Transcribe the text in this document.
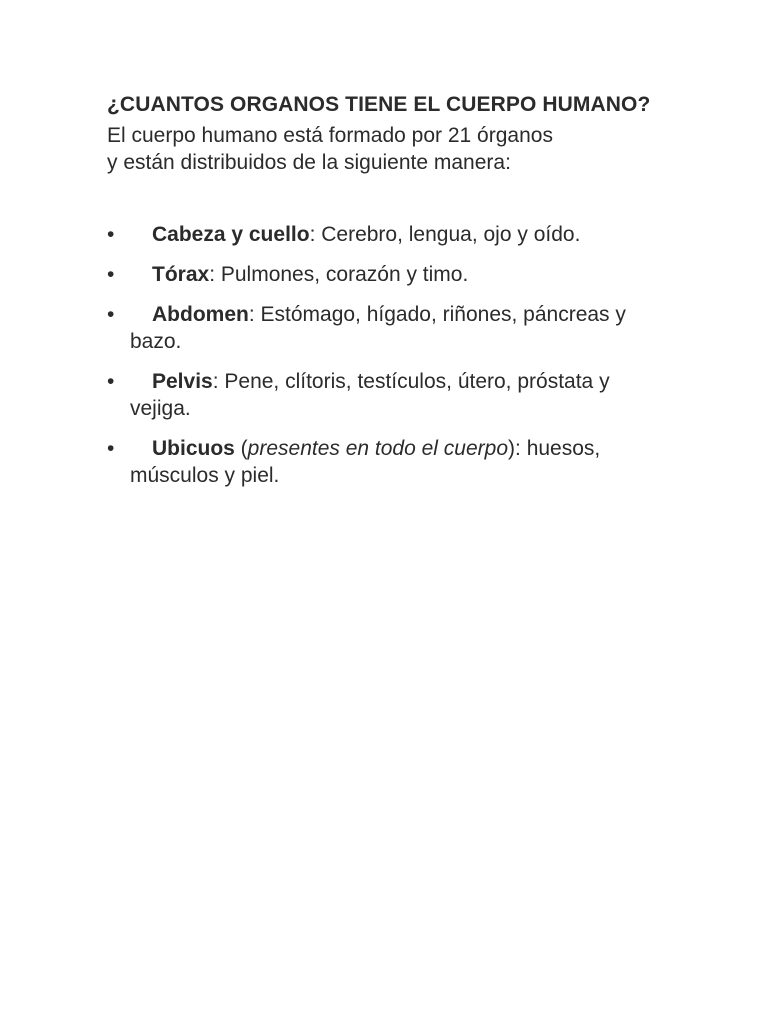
¿CUANTOS ORGANOS TIENE EL CUERPO HUMANO?

El cuerpo humano está formado por 21 órganos
y están distribuidos de la siguiente manera:

•	Cabeza y cuello: Cerebro, lengua, ojo y oído.
•	Tórax: Pulmones, corazón y timo.
•	Abdomen: Estómago, hígado, riñones, páncreas y bazo.
•	Pelvis: Pene, clítoris, testículos, útero, próstata y vejiga.
•	Ubicuos (presentes en todo el cuerpo): huesos, músculos y piel.
